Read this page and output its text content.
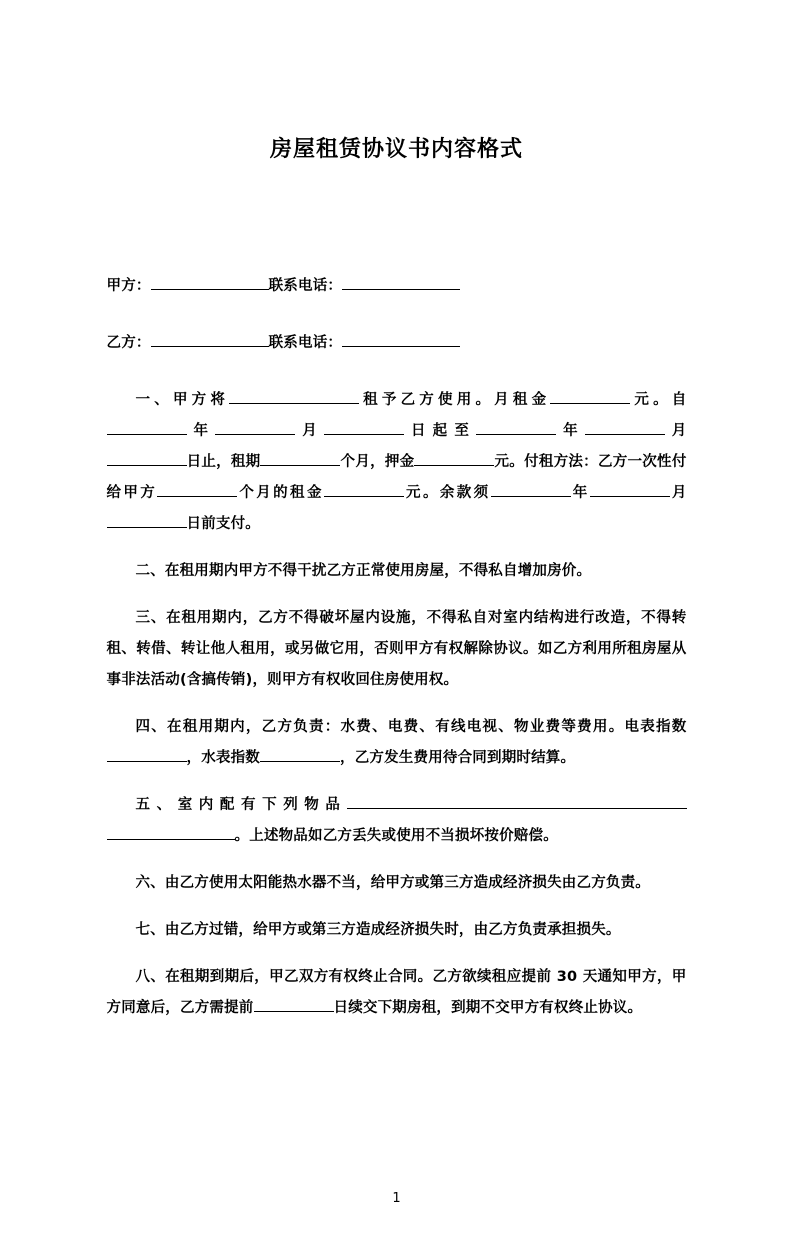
房屋租赁协议书内容格式

甲方：	联系电话：

乙方：	联系电话：

一、甲方将	租予乙方使用。月租金	元。自年	月	日起至	年	月日止，租期	个月，押金	元。付租方法：乙方一次性付给甲方	个月的租金	元。余款须	年	月日前支付。

二、在租用期内甲方不得干扰乙方正常使用房屋，不得私自增加房价。

三、在租用期内，乙方不得破坏屋内设施，不得私自对室内结构进行改造，不得转租、转借、转让他人租用，或另做它用，否则甲方有权解除协议。如乙方利用所租房屋从事非法活动(含搞传销)，则甲方有权收回住房使用权。

四、在租用期内，乙方负责：水费、电费、有线电视、物业费等费用。电表指数，水表指数	，乙方发生费用待合同到期时结算。

五、室内配有下列物品。上述物品如乙方丢失或使用不当损坏按价赔偿。

六、由乙方使用太阳能热水器不当，给甲方或第三方造成经济损失由乙方负责。

七、由乙方过错，给甲方或第三方造成经济损失时，由乙方负责承担损失。

八、在租期到期后，甲乙双方有权终止合同。乙方欲续租应提前 30 天通知甲方，甲方同意后，乙方需提前	日续交下期房租，到期不交甲方有权终止协议。

1
